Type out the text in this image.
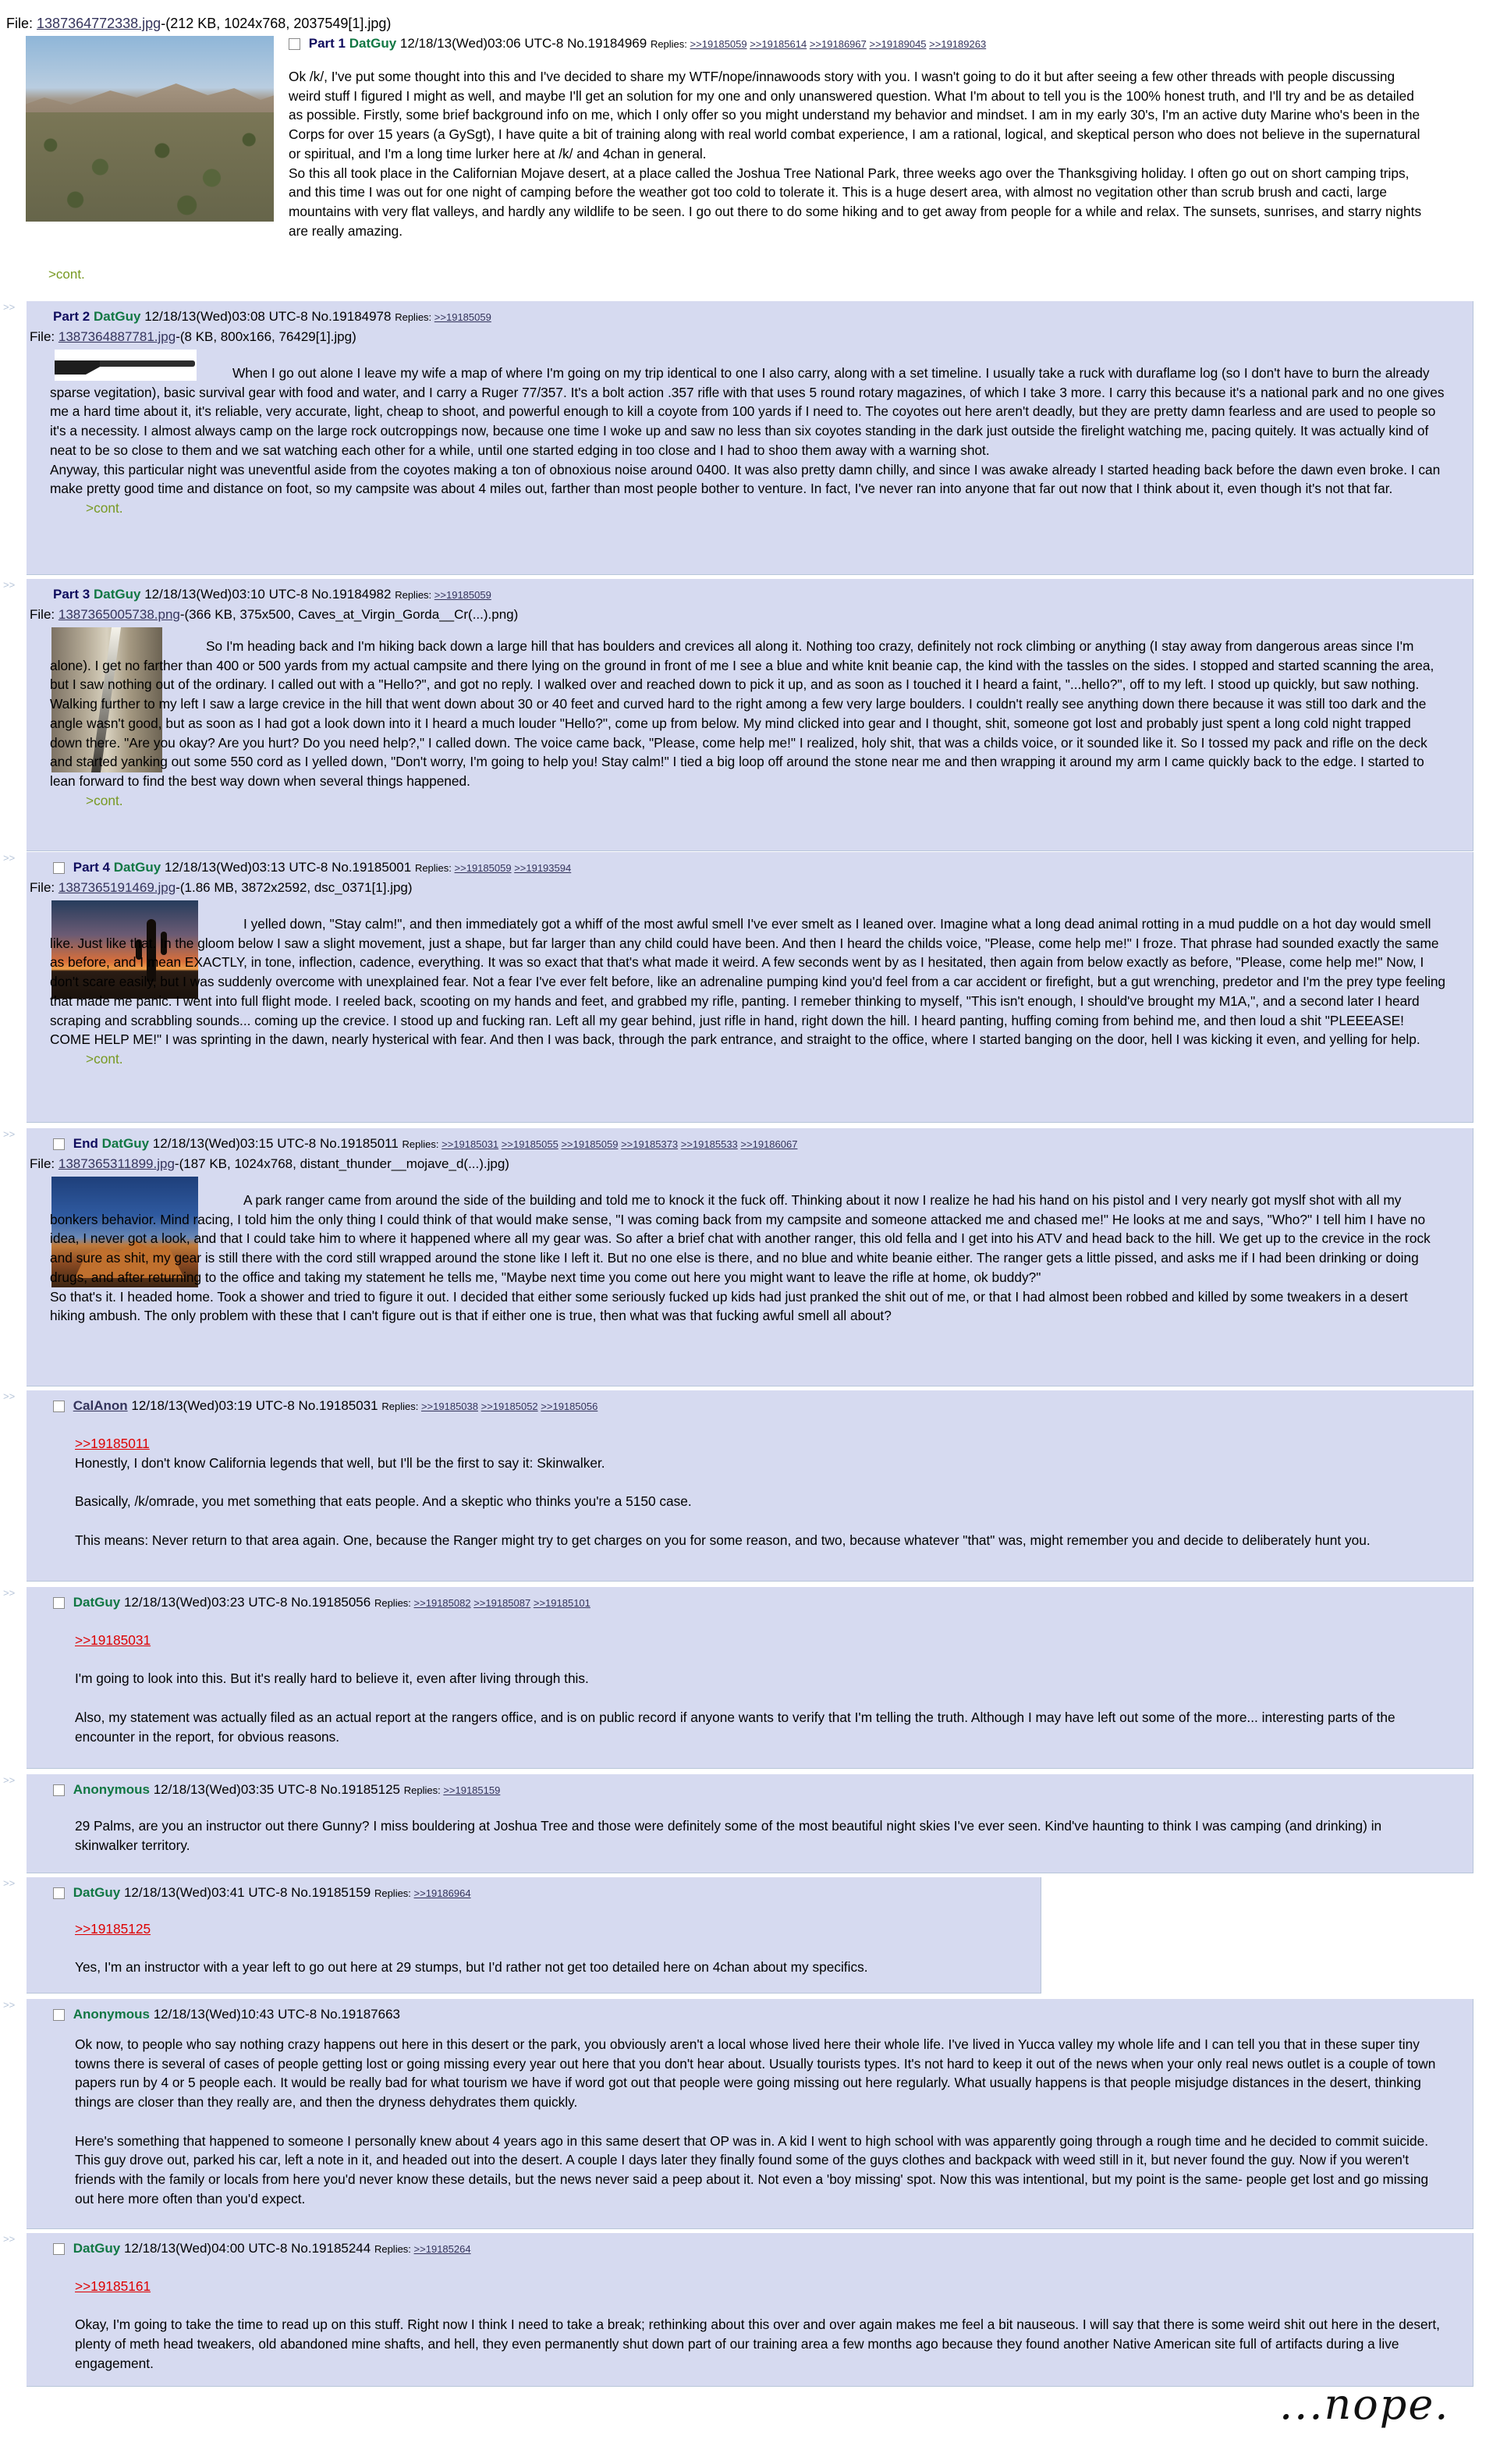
File: 1387364772338.jpg-(212 KB, 1024x768, 2037549[1].jpg)
Part 1 DatGuy 12/18/13(Wed)03:06 UTC-8 No.19184969 Replies: >>19185059 >>19185614 >>19186967 >>19189045 >>19189263

Ok /k/, I've put some thought into this and I've decided to share my WTF/nope/innawoods story with you. I wasn't going to do it but after seeing a few other threads with people discussing weird stuff I figured I might as well, and maybe I'll get an solution for my one and only unanswered question. What I'm about to tell you is the 100% honest truth, and I'll try and be as detailed as possible. Firstly, some brief background info on me, which I only offer so you might understand my behavior and mindset. I am in my early 30's, I'm an active duty Marine who's been in the Corps for over 15 years (a GySgt), I have quite a bit of training along with real world combat experience, I am a rational, logical, and skeptical person who does not believe in the supernatural or spiritual, and I'm a long time lurker here at /k/ and 4chan in general.

So this all took place in the Californian Mojave desert, at a place called the Joshua Tree National Park, three weeks ago over the Thanksgiving holiday. I often go out on short camping trips, and this time I was out for one night of camping before the weather got too cold to tolerate it. This is a huge desert area, with almost no vegitation other than scrub brush and cacti, large mountains with very flat valleys, and hardly any wildlife to be seen. I go out there to do some hiking and to get away from people for a while and relax. The sunsets, sunrises, and starry nights are really amazing.

>cont.
Part 2 DatGuy 12/18/13(Wed)03:08 UTC-8 No.19184978 Replies: >>19185059
File: 1387364887781.jpg-(8 KB, 800x166, 76429[1].jpg)

When I go out alone I leave my wife a map of where I'm going on my trip identical to one I also carry, along with a set timeline. I usually take a ruck with duraflame log (so I don't have to burn the already sparse vegitation), basic survival gear with food and water, and I carry a Ruger 77/357. It's a bolt action .357 rifle with that uses 5 round rotary magazines, of which I take 3 more. I carry this because it's a national park and no one gives me a hard time about it, it's reliable, very accurate, light, cheap to shoot, and powerful enough to kill a coyote from 100 yards if I need to. The coyotes out here aren't deadly, but they are pretty damn fearless and are used to people so it's a necessity. I almost always camp on the large rock outcroppings now, because one time I woke up and saw no less than six coyotes standing in the dark just outside the firelight watching me, pacing quitely. It was actually kind of neat to be so close to them and we sat watching each other for a while, until one started edging in too close and I had to shoo them away with a warning shot.

Anyway, this particular night was uneventful aside from the coyotes making a ton of obnoxious noise around 0400. It was also pretty damn chilly, and since I was awake already I started heading back before the dawn even broke. I can make pretty good time and distance on foot, so my campsite was about 4 miles out, farther than most people bother to venture. In fact, I've never ran into anyone that far out now that I think about it, even though it's not that far.

>cont.

>>
Part 3 DatGuy 12/18/13(Wed)03:10 UTC-8 No.19184982 Replies: >>19185059
File: 1387365005738.png-(366 KB, 375x500, Caves_at_Virgin_Gorda__Cr(...).png)

So I'm heading back and I'm hiking back down a large hill that has boulders and crevices all along it. Nothing too crazy, definitely not rock climbing or anything (I stay away from dangerous areas since I'm alone). I get no farther than 400 or 500 yards from my actual campsite and there lying on the ground in front of me I see a blue and white knit beanie cap, the kind with the tassles on the sides. I stopped and started scanning the area, but I saw nothing out of the ordinary. I called out with a "Hello?", and got no reply. I walked over and reached down to pick it up, and as soon as I touched it I heard a faint, "...hello?", off to my left. I stood up quickly, but saw nothing. Walking further to my left I saw a large crevice in the hill that went down about 30 or 40 feet and curved hard to the right among a few very large boulders. I couldn't really see anything down there because it was still too dark and the angle wasn't good, but as soon as I had got a look down into it I heard a much louder "Hello?", come up from below. My mind clicked into gear and I thought, shit, someone got lost and probably just spent a long cold night trapped down there. "Are you okay? Are you hurt? Do you need help?," I called down. The voice came back, "Please, come help me!" I realized, holy shit, that was a childs voice, or it sounded like it. So I tossed my pack and rifle on the deck and started yanking out some 550 cord as I yelled down, "Don't worry, I'm going to help you! Stay calm!" I tied a big loop off around the stone near me and then wrapping it around my arm I came quickly back to the edge. I started to lean forward to find the best way down when several things happened.

>cont.

>>
Part 4 DatGuy 12/18/13(Wed)03:13 UTC-8 No.19185001 Replies: >>19185059 >>19193594
File: 1387365191469.jpg-(1.86 MB, 3872x2592, dsc_0371[1].jpg)

I yelled down, "Stay calm!", and then immediately got a whiff of the most awful smell I've ever smelt as I leaned over. Imagine what a long dead animal rotting in a mud puddle on a hot day would smell like. Just like that. In the gloom below I saw a slight movement, just a shape, but far larger than any child could have been. And then I heard the childs voice, "Please, come help me!" I froze. That phrase had sounded exactly the same as before, and I mean EXACTLY, in tone, inflection, cadence, everything. It was so exact that that's what made it weird. A few seconds went by as I hesitated, then again from below exactly as before, "Please, come help me!" Now, I don't scare easily, but I was suddenly overcome with unexplained fear. Not a fear I've ever felt before, like an adrenaline pumping kind you'd feel from a car accident or firefight, but a gut wrenching, predetor and I'm the prey type feeling that made me panic. I went into full flight mode. I reeled back, scooting on my hands and feet, and grabbed my rifle, panting. I remeber thinking to myself, "This isn't enough, I should've brought my M1A,", and a second later I heard scraping and scrabbling sounds... coming up the crevice. I stood up and fucking ran. Left all my gear behind, just rifle in hand, right down the hill. I heard panting, huffing coming from behind me, and then loud a shit "PLEEEASE! COME HELP ME!" I was sprinting in the dawn, nearly hysterical with fear. And then I was back, through the park entrance, and straight to the office, where I started banging on the door, hell I was kicking it even, and yelling for help.

>cont.

>>
End DatGuy 12/18/13(Wed)03:15 UTC-8 No.19185011 Replies: >>19185031 >>19185055 >>19185059 >>19185373 >>19185533 >>19186067
File: 1387365311899.jpg-(187 KB, 1024x768, distant_thunder__mojave_d(...).jpg)

A park ranger came from around the side of the building and told me to knock it the fuck off. Thinking about it now I realize he had his hand on his pistol and I very nearly got myslf shot with all my bonkers behavior. Mind racing, I told him the only thing I could think of that would make sense, "I was coming back from my campsite and someone attacked me and chased me!" He looks at me and says, "Who?" I tell him I have no idea, I never got a look, and that I could take him to where it happened where all my gear was. So after a brief chat with another ranger, this old fella and I get into his ATV and head back to the hill. We get up to the crevice in the rock and sure as shit, my gear is still there with the cord still wrapped around the stone like I left it. But no one else is there, and no blue and white beanie either. The ranger gets a little pissed, and asks me if I had been drinking or doing drugs, and after returning to the office and taking my statement he tells me, "Maybe next time you come out here you might want to leave the rifle at home, ok buddy?"

So that's it. I headed home. Took a shower and tried to figure it out. I decided that either some seriously fucked up kids had just pranked the shit out of me, or that I had almost been robbed and killed by some tweakers in a desert hiking ambush. The only problem with these that I can't figure out is that if either one is true, then what was that fucking awful smell all about?

>>
CalAnon 12/18/13(Wed)03:19 UTC-8 No.19185031 Replies: >>19185038 >>19185052 >>19185056

>>19185011

Honestly, I don't know California legends that well, but I'll be the first to say it: Skinwalker.

Basically, /k/omrade, you met something that eats people. And a skeptic who thinks you're a 5150 case.

This means: Never return to that area again. One, because the Ranger might try to get charges on you for some reason, and two, because whatever "that" was, might remember you and decide to deliberately hunt you.

>>
DatGuy 12/18/13(Wed)03:23 UTC-8 No.19185056 Replies: >>19185082 >>19185087 >>19185101

>>19185031

I'm going to look into this. But it's really hard to believe it, even after living through this.

Also, my statement was actually filed as an actual report at the rangers office, and is on public record if anyone wants to verify that I'm telling the truth. Although I may have left out some of the more... interesting parts of the encounter in the report, for obvious reasons.

>>
Anonymous 12/18/13(Wed)03:35 UTC-8 No.19185125 Replies: >>19185159

29 Palms, are you an instructor out there Gunny? I miss bouldering at Joshua Tree and those were definitely some of the most beautiful night skies I've ever seen. Kind've haunting to think I was camping (and drinking) in skinwalker territory.

>>
DatGuy 12/18/13(Wed)03:41 UTC-8 No.19185159 Replies: >>19186964

>>19185125

Yes, I'm an instructor with a year left to go out here at 29 stumps, but I'd rather not get too detailed here on 4chan about my specifics.

>>
Anonymous 12/18/13(Wed)10:43 UTC-8 No.19187663

Ok now, to people who say nothing crazy happens out here in this desert or the park, you obviously aren't a local whose lived here their whole life. I've lived in Yucca valley my whole life and I can tell you that in these super tiny towns there is several of cases of people getting lost or going missing every year out here that you don't hear about. Usually tourists types. It's not hard to keep it out of the news when your only real news outlet is a couple of town papers run by 4 or 5 people each. It would be really bad for what tourism we have if word got out that people were going missing out here regularly. What usually happens is that people misjudge distances in the desert, thinking things are closer than they really are, and then the dryness dehydrates them quickly.

Here's something that happened to someone I personally knew about 4 years ago in this same desert that OP was in. A kid I went to high school with was apparently going through a rough time and he decided to commit suicide. This guy drove out, parked his car, left a note in it, and headed out into the desert. A couple I days later they finally found some of the guys clothes and backpack with weed still in it, but never found the guy. Now if you weren't friends with the family or locals from here you'd never know these details, but the news never said a peep about it. Not even a 'boy missing' spot. Now this was intentional, but my point is the same- people get lost and go missing out here more often than you'd expect.

>>
DatGuy 12/18/13(Wed)04:00 UTC-8 No.19185244 Replies: >>19185264

>>19185161

Okay, I'm going to take the time to read up on this stuff. Right now I think I need to take a break; rethinking about this over and over again makes me feel a bit nauseous. I will say that there is some weird shit out here in the desert, plenty of meth head tweakers, old abandoned mine shafts, and hell, they even permanently shut down part of our training area a few months ago because they found another Native American site full of artifacts during a live engagement.

>>
...nope.
